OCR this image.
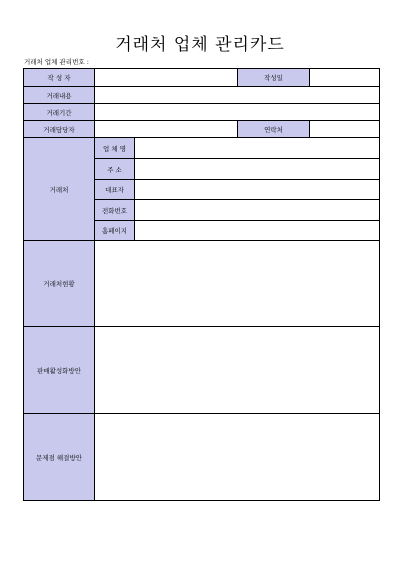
거래처 업체 관리카드
거래처 업체 관리번호 :
작 성 자			작성일	
거래내용				
거래기간				
거래담당자			연락처	
거래처	업 체 명			
	주 소			
	대표자			
	전화번호			
	홈페이지			
거래처현황				
판매활성화방안				
문제점 해결방안				
